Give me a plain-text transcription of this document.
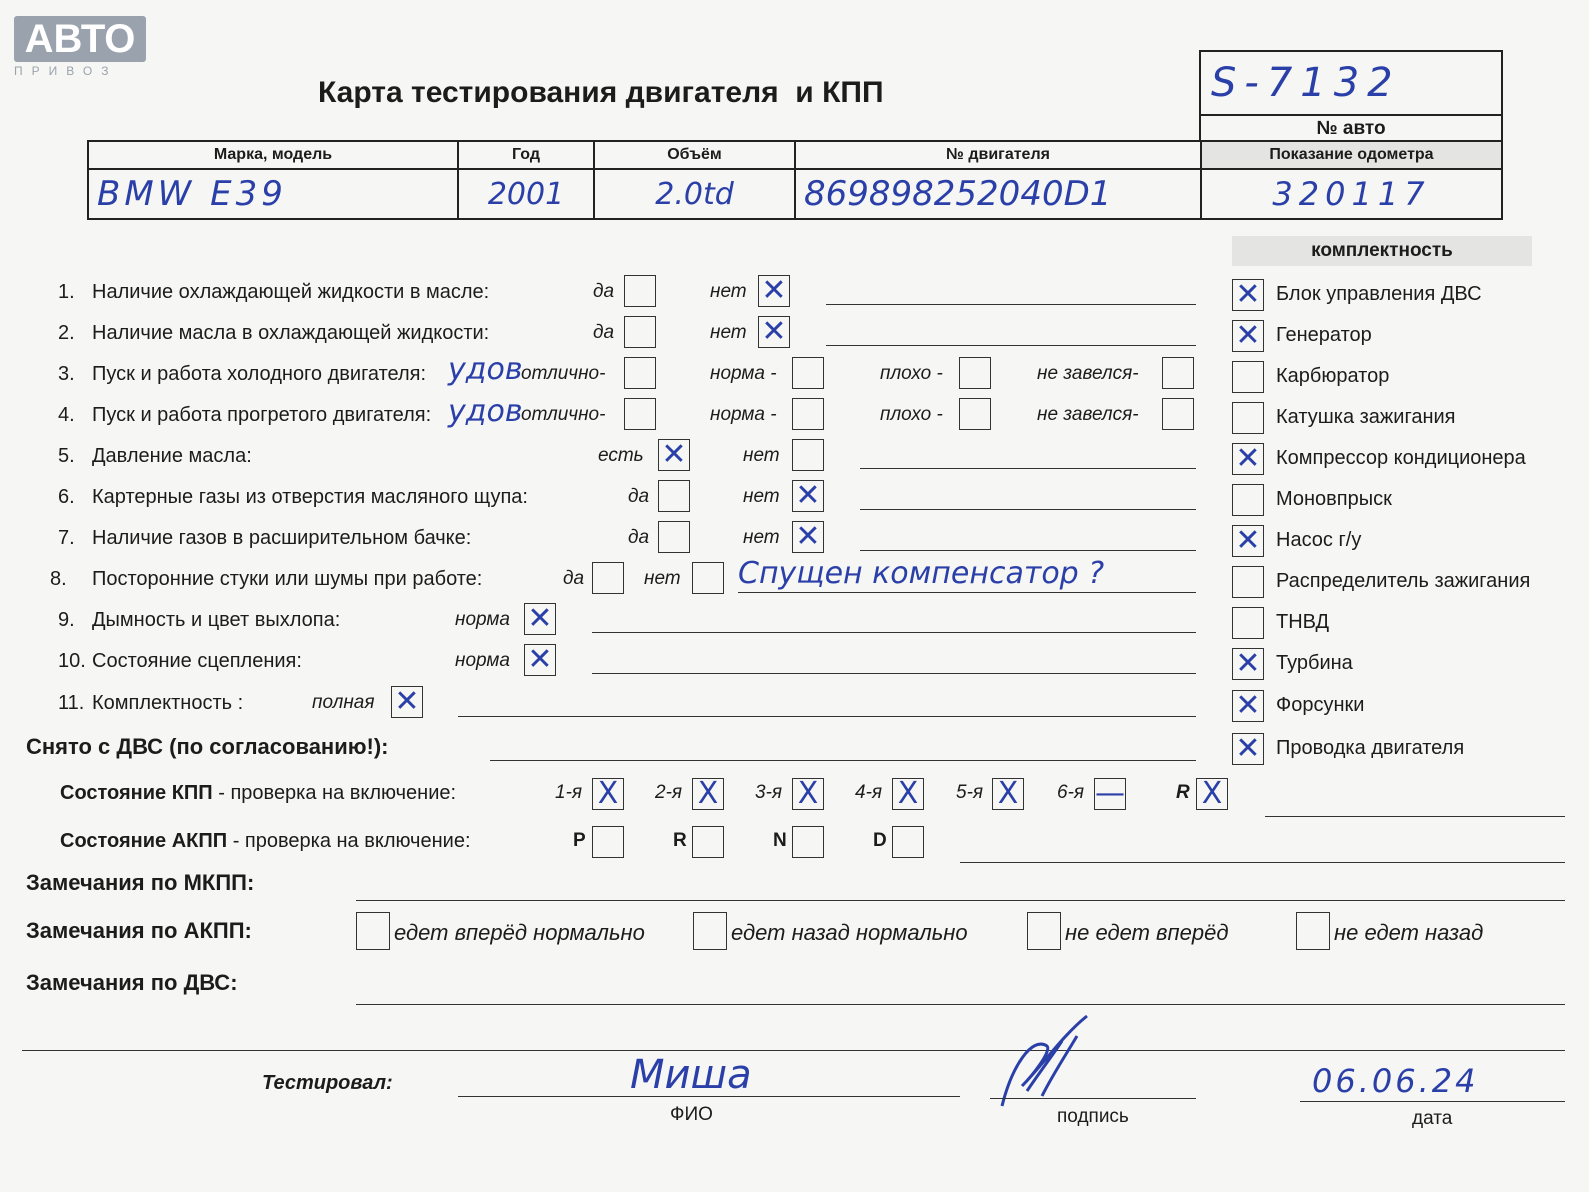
АВТО
ПРИВОЗ
Карта тестирования двигателя  и КПП	S-7132
№ авто
Марка, модель	Год	Объём	№ двигателя	Показание одометра
BMW E39	2001	2.0td	869898252040D1	320117
комплектность
✕ Блок управления ДВС
✕ Генератор
Карбюратор
Катушка зажигания
✕ Компрессор кондиционера
Моновпрыск
✕ Насос г/у
Распределитель зажигания
ТНВД
✕ Турбина
✕ Форсунки
✕ Проводка двигателя
1. Наличие охлаждающей жидкости в масле:	да	нет ✕
2. Наличие масла в охлаждающей жидкости:	да	нет ✕
3. Пуск и работа холодного двигателя: удов
отлично-	норма -	плохо -	не завелся-
4. Пуск и работа прогретого двигателя: удов
отлично-	норма -	плохо -	не завелся-
5. Давление масла:	есть ✕	нет
6. Картерные газы из отверстия масляного щупа:	да	нет ✕
7. Наличие газов в расширительном бачке:	да	нет ✕
8. Посторонние стуки или шумы при работе:	да	нет Спущен компенсатор ?
9. Дымность и цвет выхлопа:	норма ✕
10. Состояние сцепления:	норма ✕
11. Комплектность :	полная ✕
Снято с ДВС (по согласованию!):
Состояние КПП - проверка на включение:	1-я X 2-я X 3-я X 4-я X 5-я X 6-я —	R X
Состояние АКПП - проверка на включение:	P	R	N	D
Замечания по МКПП:
Замечания по АКПП:	едет вперёд нормально	едет назад нормально	не едет вперёд	не едет назад
Замечания по ДВС:
Тестировал:	Миша
ФИО	подпись
06.06.24
дата
